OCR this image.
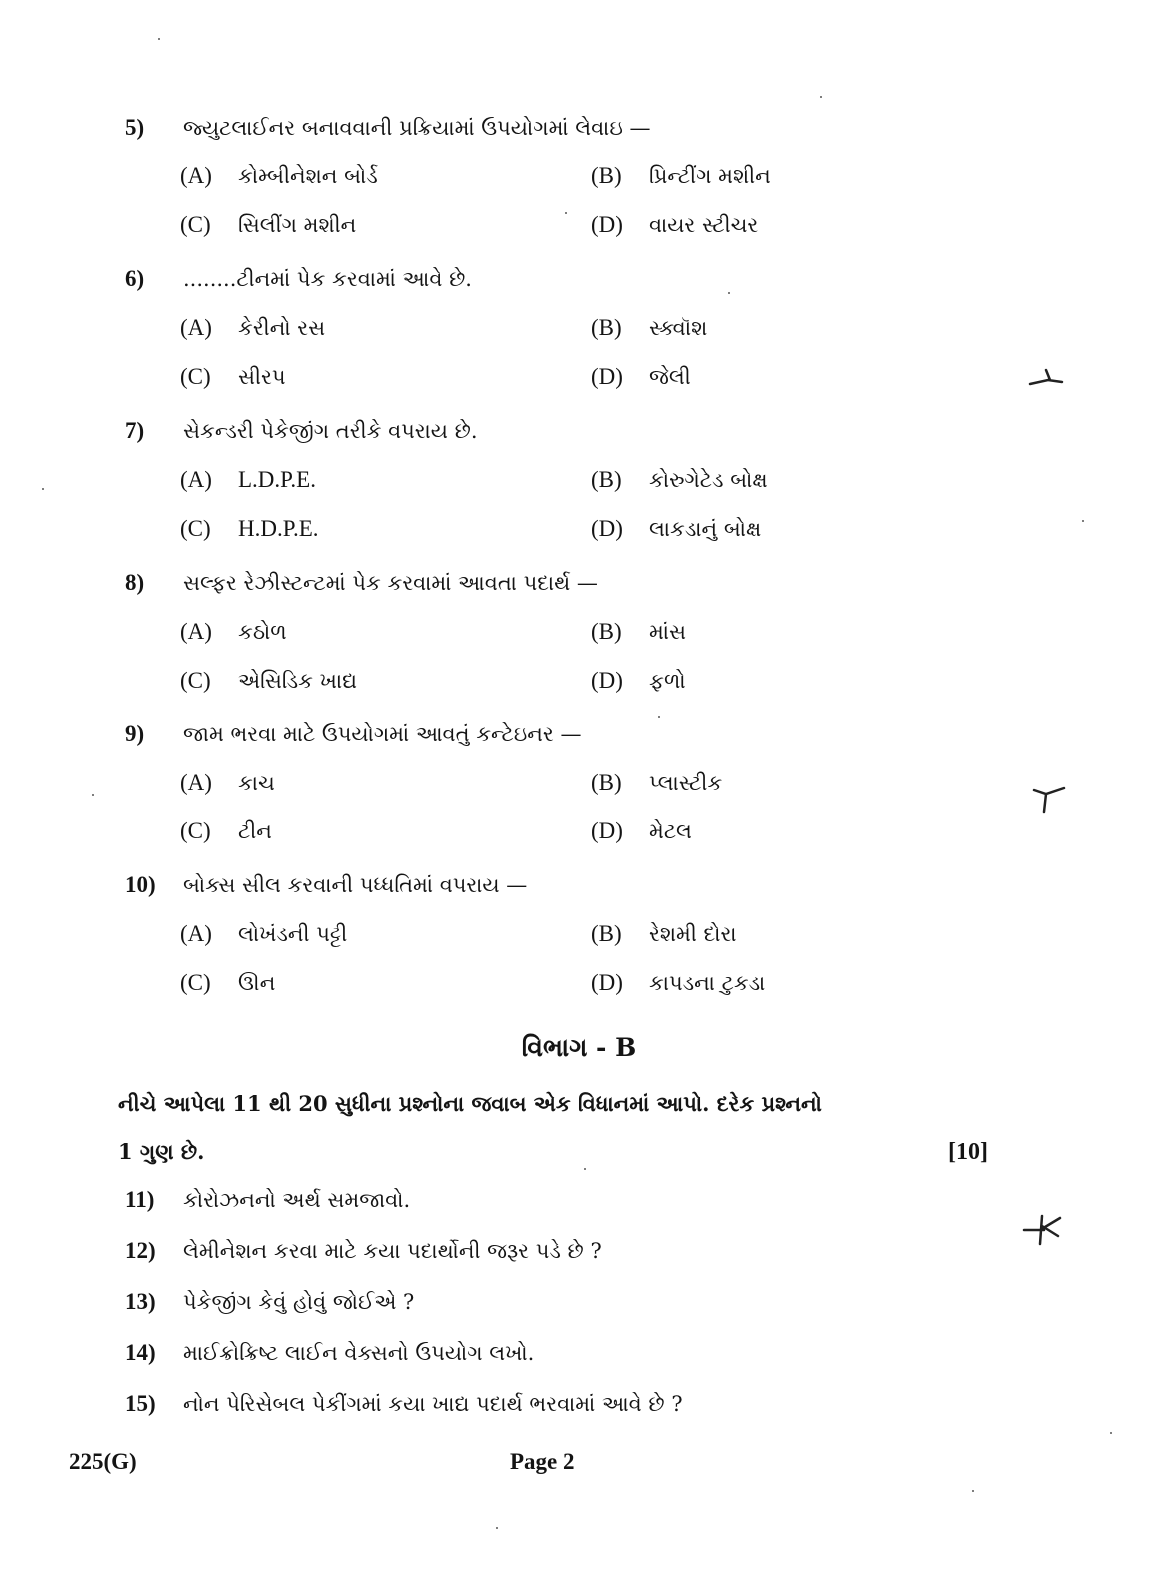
5) જ્યુટલાઈનર બનાવવાની પ્રક્રિયામાં ઉપયોગમાં લેવાઇ —
(A) કોમ્બીનેશન બોર્ડ	(B) પ્રિન્ટીંગ મશીન
(C) સિલીંગ મશીન	(D) વાયર સ્ટીચર
6) ........ટીનમાં પેક કરવામાં આવે છે.
(A) કેરીનો રસ	(B) સ્ક્વૉશ
(C) સીરપ	(D) જેલી
7) સેકન્ડરી પેકેજીંગ તરીકે વપરાય છે.
(A) L.D.P.E.	(B) કોરુગેટેડ બોક્ષ
(C) H.D.P.E.	(D) લાકડાનું બોક્ષ
8) સલ્ફર રેઝીસ્ટન્ટમાં પેક કરવામાં આવતા પદાર્થ —
(A) કઠોળ	(B) માંસ
(C) એસિડિક ખાદ્ય	(D) ફળો
9) જામ ભરવા માટે ઉપયોગમાં આવતું કન્ટેઇનર —
(A) કાચ	(B) પ્લાસ્ટીક
(C) ટીન	(D) મેટલ
10) બોક્સ સીલ કરવાની પધ્ધતિમાં વપરાય —
(A) લોખંડની પટ્ટી	(B) રેશમી દોરા
(C) ઊન	(D) કાપડના ટુકડા
વિભાગ - B
નીચે આપેલા 11 થી 20 સુધીના પ્રશ્નોના જવાબ એક વિધાનમાં આપો. દરેક પ્રશ્નનો
1 ગુણ છે.	[10]
11) કોરોઝનનો અર્થ સમજાવો.
12) લેમીનેશન કરવા માટે કયા પદાર્થોની જરૂર પડે છે ?
13) પેકેજીંગ કેવું હોવું જોઈએ ?
14) માઈક્રોક્રિષ્ટ લાઈન વેક્સનો ઉપયોગ લખો.
15) નોન પેરિસેબલ પેકીંગમાં કયા ખાદ્ય પદાર્થ ભરવામાં આવે છે ?
225(G)	Page 2
